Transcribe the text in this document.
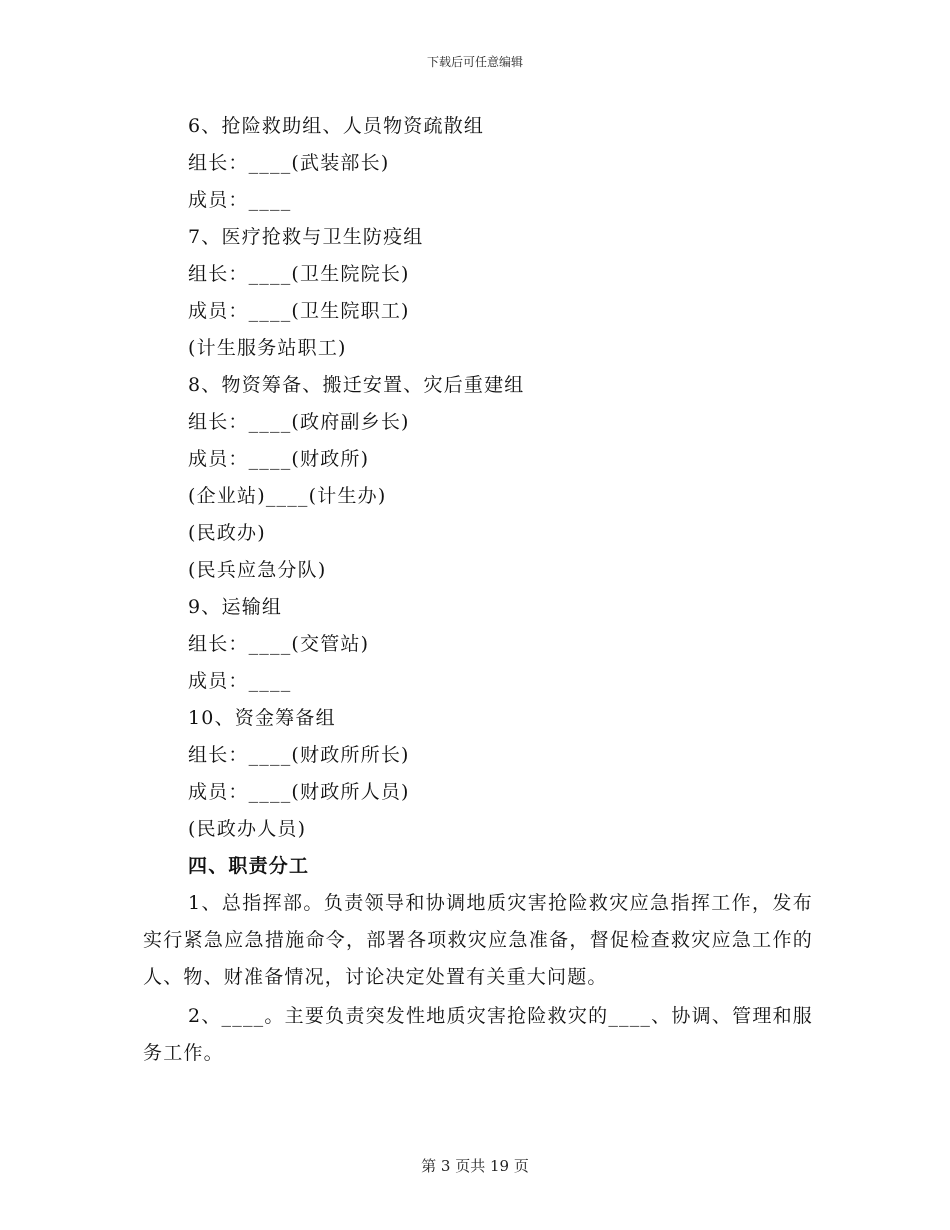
下载后可任意编辑
6、抢险救助组、人员物资疏散组
组长：____(武装部长)
成员：____
7、医疗抢救与卫生防疫组
组长：____(卫生院院长)
成员：____(卫生院职工)
(计生服务站职工)
8、物资筹备、搬迁安置、灾后重建组
组长：____(政府副乡长)
成员：____(财政所)
(企业站)____(计生办)
(民政办)
(民兵应急分队)
9、运输组
组长：____(交管站)
成员：____
10、资金筹备组
组长：____(财政所所长)
成员：____(财政所人员)
(民政办人员)
四、职责分工
1、总指挥部。负责领导和协调地质灾害抢险救灾应急指挥工作，发布实行紧急应急措施命令，部署各项救灾应急准备，督促检查救灾应急工作的人、物、财准备情况，讨论决定处置有关重大问题。
2、____。主要负责突发性地质灾害抢险救灾的____、协调、管理和服务工作。
第 3 页共 19 页
